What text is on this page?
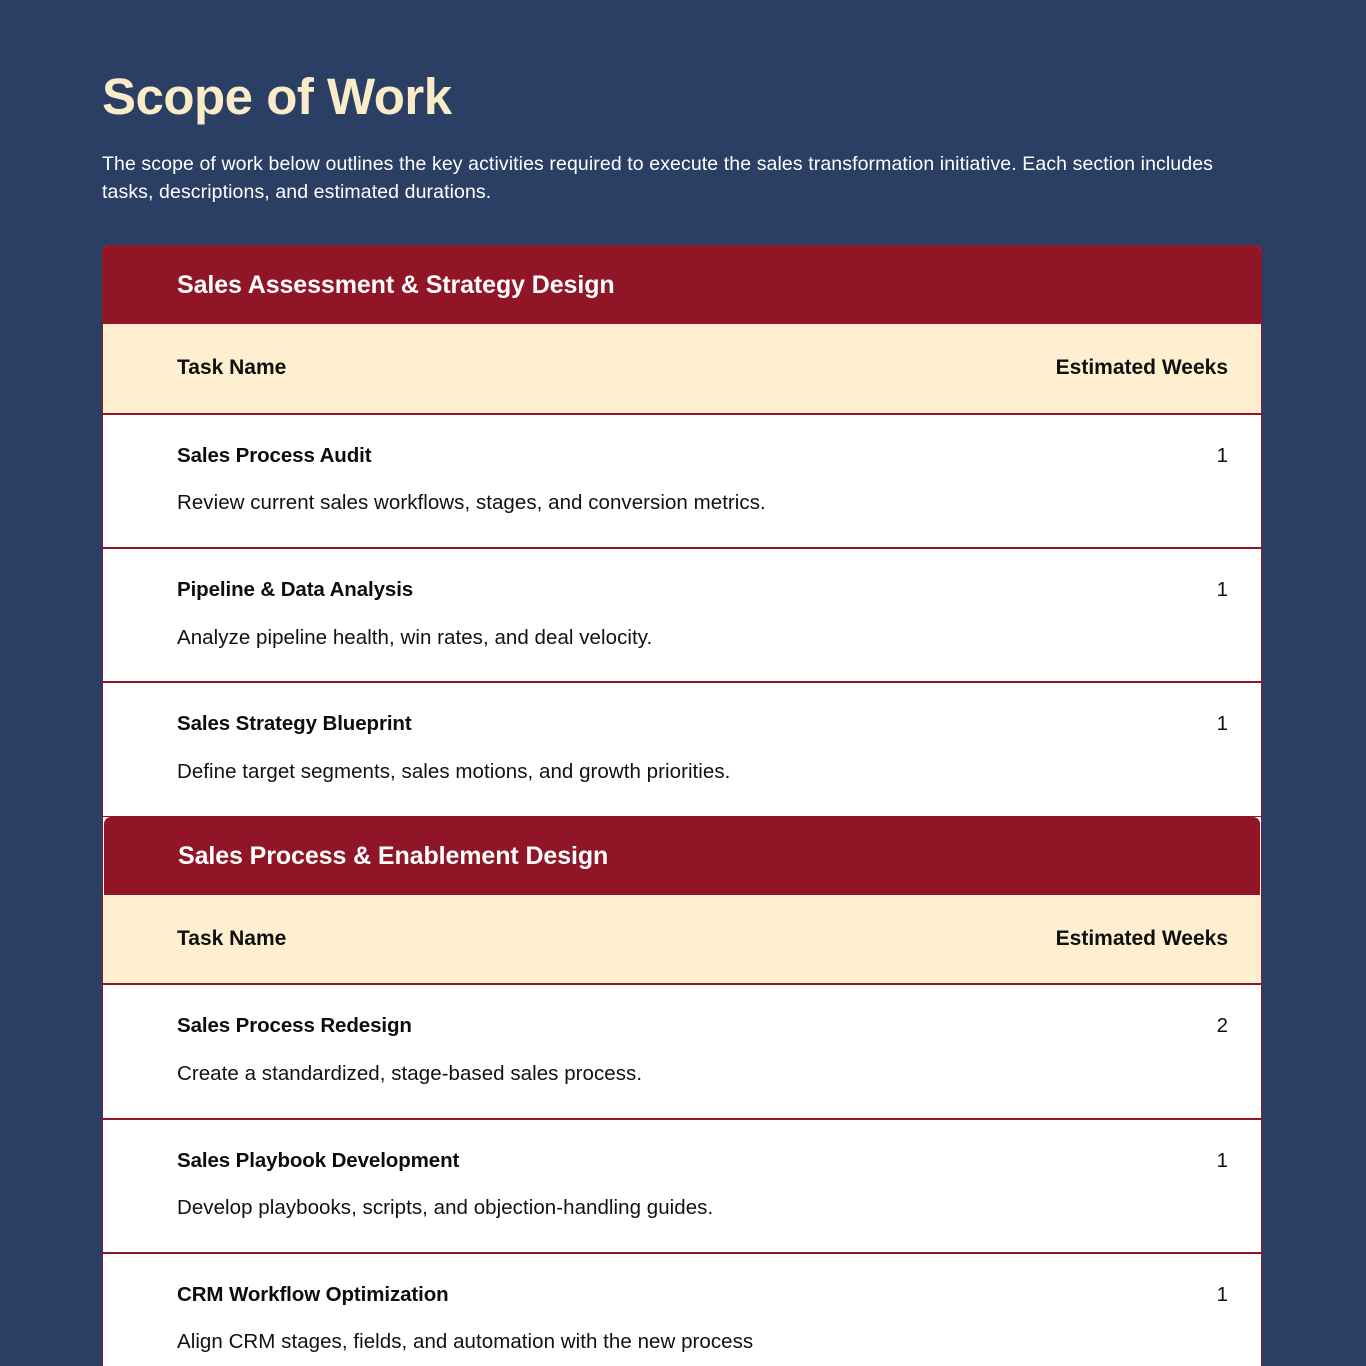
Scope of Work

The scope of work below outlines the key activities required to execute the sales transformation initiative. Each section includes tasks, descriptions, and estimated durations.

Sales Assessment & Strategy Design
Task Name	Estimated Weeks

Sales Process Audit
Review current sales workflows, stages, and conversion metrics.	1

Pipeline & Data Analysis
Analyze pipeline health, win rates, and deal velocity.	1

Sales Strategy Blueprint
Define target segments, sales motions, and growth priorities.	1
Sales Process & Enablement Design
Task Name	Estimated Weeks

Sales Process Redesign
Create a standardized, stage-based sales process.	2

Sales Playbook Development
Develop playbooks, scripts, and objection-handling guides.	1

CRM Workflow Optimization
Align CRM stages, fields, and automation with the new process	1
